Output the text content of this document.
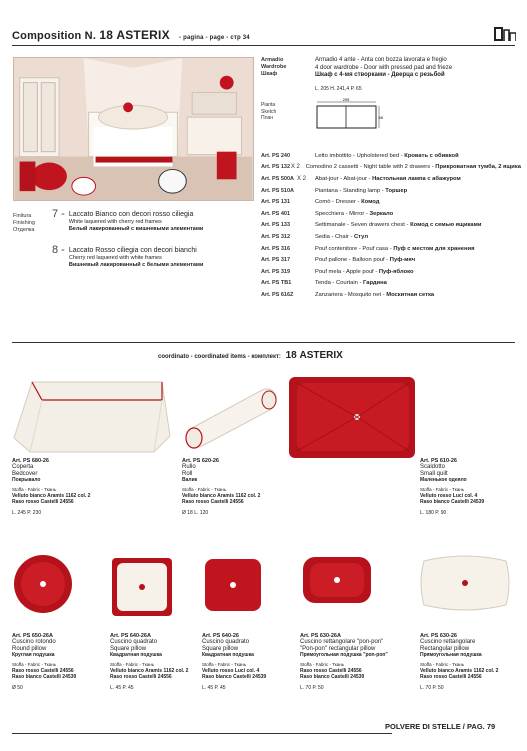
Composition N. 18 ASTERIX - pagina - page - стр 34
Finitura
Finishing
Отделка
7 - Laccato Bianco con decori rosso ciliegia
White laquered with cherry red frames
Белый лакированный с вишневыми элементами
8 - Laccato Rosso ciliegia con decori bianchi
Cherry red laquered with white frames
Вишневый лакированный с белыми элементами
Armadio
Wardrobe
Шкаф
Armadio 4 ante - Anta con bozza lavorata e fregio
4 door wardrobe - Door with pressed pad and frieze
Шкаф с 4-мя створками - Дверца с резьбой
L. 205 H. 241,4 P. 65
Pianta
Sketch
План
205
65
Art. PS 240	Letto imbottito - Upholstered bed - Кровать с обивкой
Art. PS 132 X 2	Comodino 2 cassetti - Night table with 2 drawers - Прикроватная тумба, 2 ящика
Art. PS 500A X 2	Abat-jour - Abat-jour - Настольная лампа с абажуром
Art. PS 510A	Piantana - Standing lamp - Торшер
Art. PS 131	Comò - Dresser - Комод
Art. PS 401	Specchiera - Mirror - Зеркало
Art. PS 133	Settimanale - Seven drawers chest - Комод с семью ящиками
Art. PS 312	Sedia - Chair - Стул
Art. PS 316	Pouf contenitore - Pouf casa - Пуф с местом для хранения
Art. PS 317	Pouf pallone - Balloon pouf - Пуф-мяч
Art. PS 319	Pouf mela - Apple pouf - Пуф-яблоко
Art. PS TB1	Tenda - Courtain - Гардина
Art. PS 616Z	Zanzariera - Mosquito net - Москитная сетка
coordinato - coordinated items - комплект: 18 ASTERIX
Art. PS 680-26
Coperta
Bedcover
Покрывало
Stoffa - Fabric - Ткань
Velluto bianco Aramis 1162 col. 2
Raso rosso Castelli 24556
L. 245 P. 230
Art. PS 620-26
Rullo
Roll
Валик
Stoffa - Fabric - Ткань
Velluto bianco Aramis 1162 col. 2
Raso rosso Castelli 24556
Ø 18 L. 120
Art. PS 610-26
Scaldotto
Small quilt
Маленькое одеяло
Stoffa - Fabric - Ткань
Velluto rosso Luci col. 4
Raso bianco Castelli 24539
L. 180 P. 90
Art. PS 650-26A
Cuscino rotondo
Round pillow
Круглая подушка
Stoffa - Fabric - Ткань
Raso rosso Castelli 24556
Raso bianco Castelli 24539
Ø 50
Art. PS 640-26A
Cuscino quadrato
Square pillow
Квадратная подушка
Stoffa - Fabric - Ткань
Velluto bianco Aramis 1162 col. 2
Raso rosso Castelli 24556
L. 45 P. 45
Art. PS 640-26
Cuscino quadrato
Square pillow
Квадратная подушка
Stoffa - Fabric - Ткань
Velluto rosso Luci col. 4
Raso bianco Castelli 24539
L. 45 P. 45
Art. PS 630-26A
Cuscino rettangolare "pon-pon"
"Pon-pon" rectangular pillow
Прямоугольная подушка "pon-pon"
Stoffa - Fabric - Ткань
Raso rosso Castelli 24556
Raso bianco Castelli 24539
L. 70 P. 50
Art. PS 630-26
Cuscino rettangolare
Rectangular pillow
Прямоугольная подушка
Stoffa - Fabric - Ткань
Velluto bianco Aramis 1162 col. 2
Raso rosso Castelli 24556
L. 70 P. 50
POLVERE DI STELLE / PAG. 79
